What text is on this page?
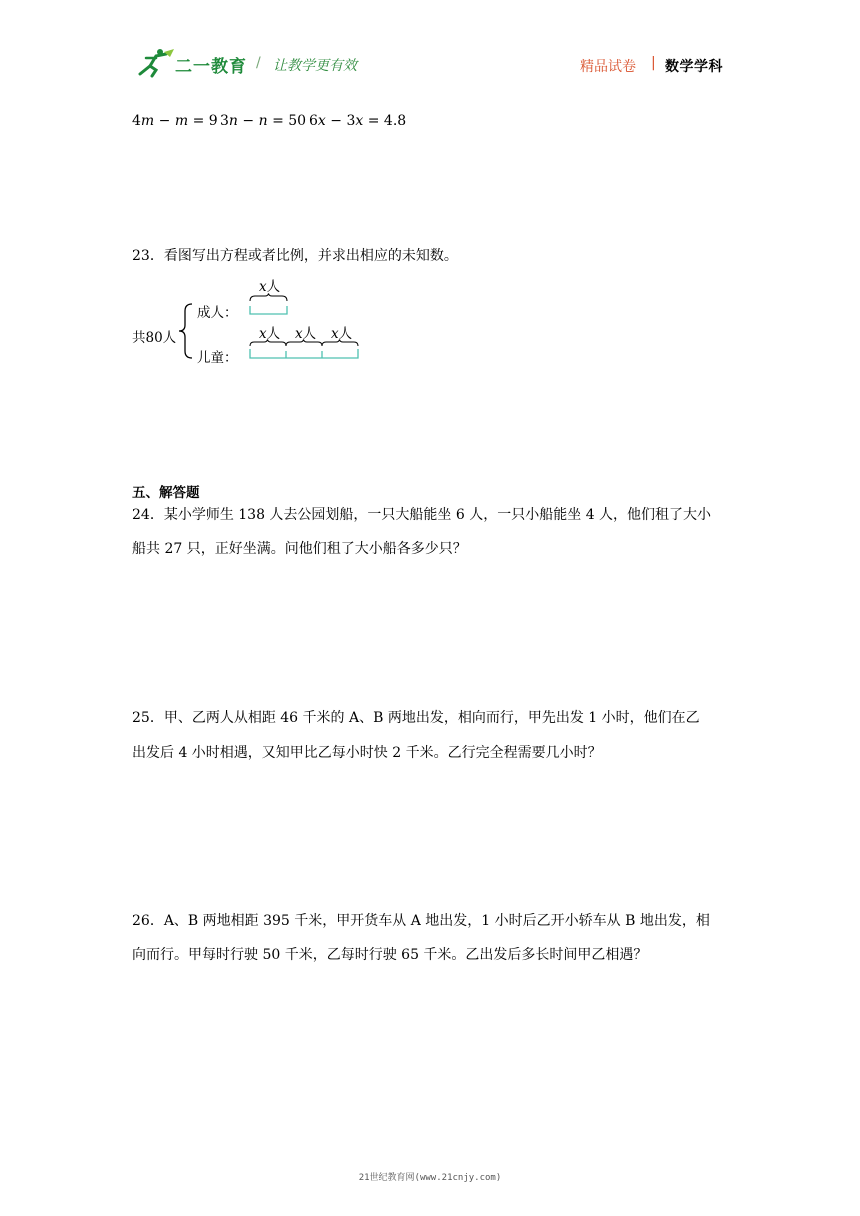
二一教育 / 让教学更有效	精品试卷 | 数学学科
4m − m = 9 3n − n = 50 6x − 3x = 4.8
23．看图写出方程或者比例，并求出相应的未知数。
共80人
成人：
儿童：
x人
x人 x人 x人
五、解答题
24．某小学师生 138 人去公园划船，一只大船能坐 6 人，一只小船能坐 4 人，他们租了大小
船共 27 只，正好坐满。问他们租了大小船各多少只？
25．甲、乙两人从相距 46 千米的 A、B 两地出发，相向而行，甲先出发 1 小时，他们在乙
出发后 4 小时相遇，又知甲比乙每小时快 2 千米。乙行完全程需要几小时？
26．A、B 两地相距 395 千米，甲开货车从 A 地出发，1 小时后乙开小轿车从 B 地出发，相
向而行。甲每时行驶 50 千米，乙每时行驶 65 千米。乙出发后多长时间甲乙相遇？
21世纪教育网(www.21cnjy.com)
